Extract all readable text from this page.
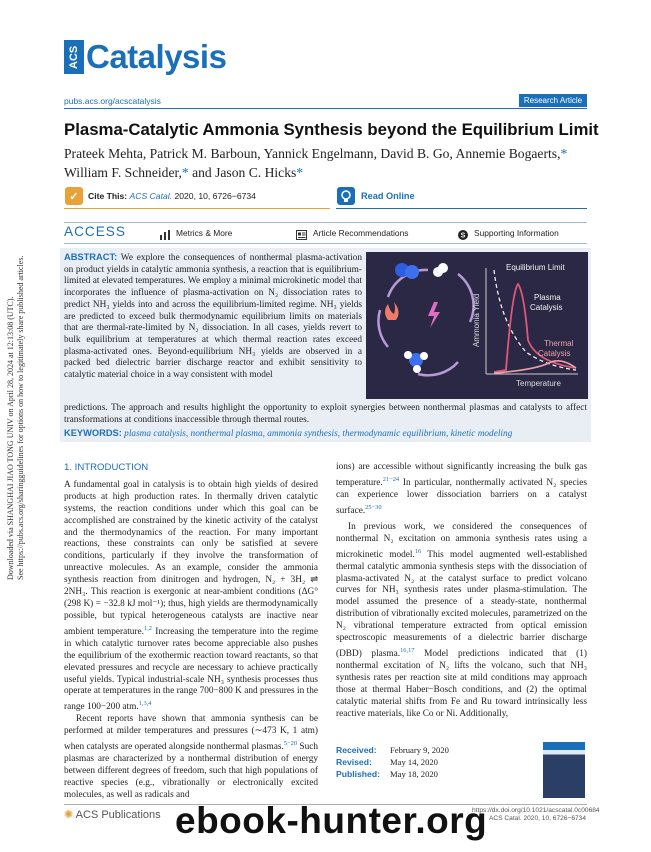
Downloaded via SHANGHAI JIAO TONG UNIV on April 28, 2024 at 12:13:08 (UTC). See https://pubs.acs.org/sharingguidelines for options on how to legitimately share published articles.
ACS Catalysis
pubs.acs.org/acscatalysis	Research Article
Plasma-Catalytic Ammonia Synthesis beyond the Equilibrium Limit
Prateek Mehta, Patrick M. Barboun, Yannick Engelmann, David B. Go, Annemie Bogaerts,*
William F. Schneider,* and Jason C. Hicks*
✓	Cite This: ACS Catal. 2020, 10, 6726−6734	Read Online
ACCESS	Metrics & More	Article Recommendations	S Supporting Information
ABSTRACT: We explore the consequences of nonthermal plasma-activation on product yields in catalytic ammonia synthesis, a reaction that is equilibrium-limited at elevated temperatures. We employ a minimal microkinetic model that incorporates the influence of plasma-activation on N₂ dissociation rates to predict NH₃ yields into and across the equilibrium-limited regime. NH₃ yields are predicted to exceed bulk thermodynamic equilibrium limits on materials that are thermal-rate-limited by N₂ dissociation. In all cases, yields revert to bulk equilibrium at temperatures at which thermal reaction rates exceed plasma-activated ones. Beyond-equilibrium NH₃ yields are observed in a packed bed dielectric barrier discharge reactor and exhibit sensitivity to catalytic material choice in a way consistent with model
Ammonia Yield
Temperature
Equilibrium Limit
Plasma
Catalysis
Thermal
Catalysis
predictions. The approach and results highlight the opportunity to exploit synergies between nonthermal plasmas and catalysts to affect transformations at conditions inaccessible through thermal routes.
KEYWORDS: plasma catalysis, nonthermal plasma, ammonia synthesis, thermodynamic equilibrium, kinetic modeling
1. INTRODUCTION
A fundamental goal in catalysis is to obtain high yields of desired products at high production rates. In thermally driven catalytic systems, the reaction conditions under which this goal can be accomplished are constrained by the kinetic activity of the catalyst and the thermodynamics of the reaction. For many important reactions, these constraints can only be satisfied at severe conditions, particularly if they involve the transformation of unreactive molecules. As an example, consider the ammonia synthesis reaction from dinitrogen and hydrogen, N₂ + 3H₂ ⇌ 2NH₃. This reaction is exergonic at near-ambient conditions (ΔG°(298 K) = −32.8 kJ mol⁻¹); thus, high yields are thermodynamically possible, but typical heterogeneous catalysts are inactive near ambient temperature.$^{1,2}$ Increasing the temperature into the regime in which catalytic turnover rates become appreciable also pushes the equilibrium of the exothermic reaction toward reactants, so that elevated pressures and recycle are necessary to achieve practically useful yields. Typical industrial-scale NH₃ synthesis processes thus operate at temperatures in the range 700−800 K and pressures in the range 100−200 atm.$^{1,3,4}$
Recent reports have shown that ammonia synthesis can be performed at milder temperatures and pressures (∼473 K, 1 atm) when catalysts are operated alongside nonthermal plasmas.$^{5-20}$ Such plasmas are characterized by a nonthermal distribution of energy between different degrees of freedom, such that high populations of reactive species (e.g., vibrationally or electronically excited molecules, as well as radicals and
ions) are accessible without significantly increasing the bulk gas temperature.$^{21-24}$ In particular, nonthermally activated N₂ species can experience lower dissociation barriers on a catalyst surface.$^{25-30}$
In previous work, we considered the consequences of nonthermal N₂ excitation on ammonia synthesis rates using a microkinetic model.$^{16}$ This model augmented well-established thermal catalytic ammonia synthesis steps with the dissociation of plasma-activated N₂ at the catalyst surface to predict volcano curves for NH₃ synthesis rates under plasma-stimulation. The model assumed the presence of a steady-state, nonthermal distribution of vibrationally excited molecules, parametrized on the N₂ vibrational temperature extracted from optical emission spectroscopic measurements of a dielectric barrier discharge (DBD) plasma.$^{16,17}$ Model predictions indicated that (1) nonthermal excitation of N₂ lifts the volcano, such that NH₃ synthesis rates per reaction site at mild conditions may approach those at thermal Haber−Bosch conditions, and (2) the optimal catalytic material shifts from Fe and Ru toward intrinsically less reactive materials, like Co or Ni. Additionally,
Received: February 9, 2020
Revised: May 14, 2020
Published: May 18, 2020
✺ ACS Publications	https://dx.doi.org/10.1021/acscatal.0c00684
ACS Catal. 2020, 10, 6726−6734
ebook-hunter.org
